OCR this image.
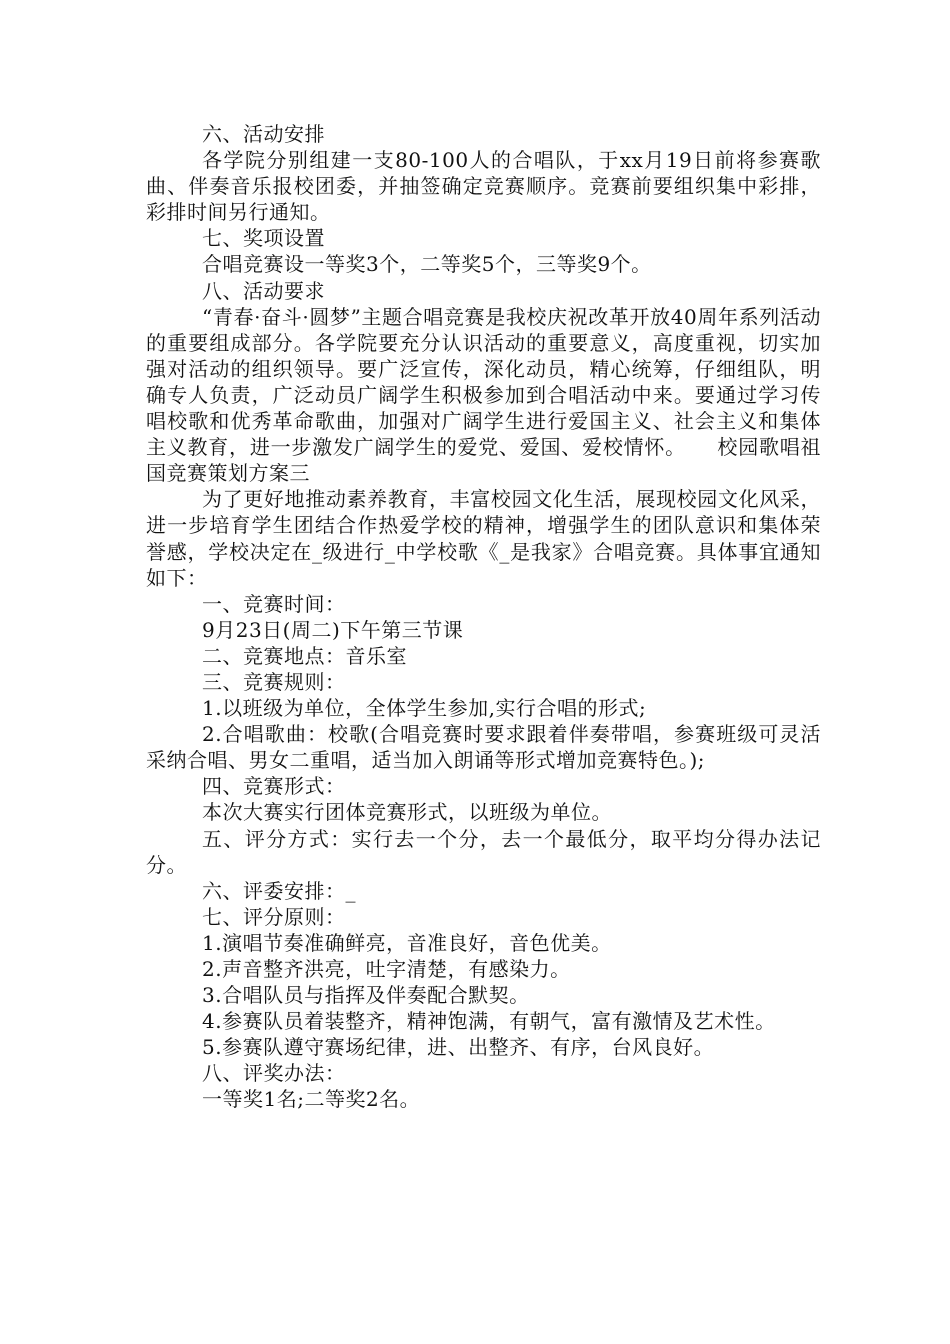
六、活动安排

各学院分别组建一支80-100人的合唱队，于xx月19日前将参赛歌曲、伴奏音乐报校团委，并抽签确定竞赛顺序。竞赛前要组织集中彩排，彩排时间另行通知。

七、奖项设置

合唱竞赛设一等奖3个，二等奖5个，三等奖9个。

八、活动要求

“青春·奋斗·圆梦”主题合唱竞赛是我校庆祝改革开放40周年系列活动的重要组成部分。各学院要充分认识活动的重要意义，高度重视，切实加强对活动的组织领导。要广泛宣传，深化动员，精心统筹，仔细组队，明确专人负责，广泛动员广阔学生积极参加到合唱活动中来。要通过学习传唱校歌和优秀革命歌曲，加强对广阔学生进行爱国主义、社会主义和集体主义教育，进一步激发广阔学生的爱党、爱国、爱校情怀。　　校园歌唱祖国竞赛策划方案三

为了更好地推动素养教育，丰富校园文化生活，展现校园文化风采，进一步培育学生团结合作热爱学校的精神，增强学生的团队意识和集体荣誉感，学校决定在_级进行_中学校歌《_是我家》合唱竞赛。具体事宜通知如下：

一、竞赛时间：

9月23日(周二)下午第三节课

二、竞赛地点：音乐室

三、竞赛规则：

1.以班级为单位，全体学生参加,实行合唱的形式;

2.合唱歌曲：校歌(合唱竞赛时要求跟着伴奏带唱，参赛班级可灵活采纳合唱、男女二重唱，适当加入朗诵等形式增加竞赛特色。);

四、竞赛形式：

本次大赛实行团体竞赛形式，以班级为单位。

五、评分方式：实行去一个分，去一个最低分，取平均分得办法记分。

六、评委安排：_

七、评分原则：

1.演唱节奏准确鲜亮，音准良好，音色优美。

2.声音整齐洪亮，吐字清楚，有感染力。

3.合唱队员与指挥及伴奏配合默契。

4.参赛队员着装整齐，精神饱满，有朝气，富有激情及艺术性。

5.参赛队遵守赛场纪律，进、出整齐、有序，台风良好。

八、评奖办法：

一等奖1名;二等奖2名。
